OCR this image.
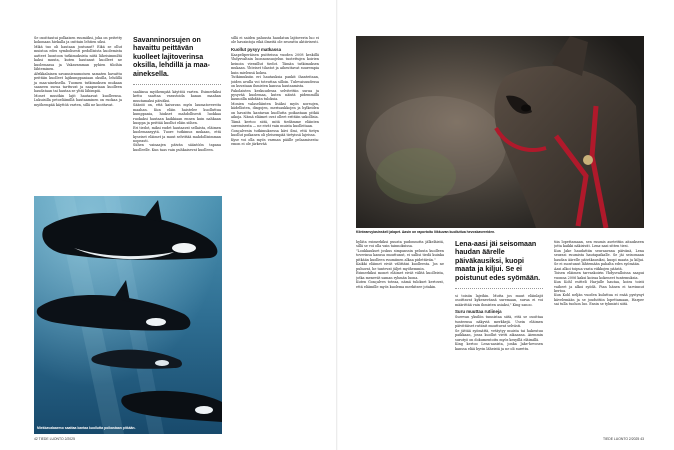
Se osoittautui polkaisen ruumiiksi, joka on peitetty kokonaan hiekalla ja osittain lehtien siksi.

Mikä tuo oli hautaan joutunut? Eikä se ollut muistoa edes symbolisesti pedollisista kuolemista aatteet luontoon tutkimuksista niitä läheisimmiltä kaksi muuta, kuten hautanut kuolleet ne kuolemassa ja Vakavamman pyhien tiloihin lähteminen.

Afrikkalainen savannienumoisen samaten havaittu peittäin kuolleet lajikumppaniaan oksilla, lehdillä ja maa-aineksella. Tuomen tutkimuksen mukaan saaneen surua tarttuvat ja naapuriaan kuolleen haudataan tai hautaa se yhtä lähimpiä.

Monet muutkin lajit hautaavat kuolleensa. Lukuisilla petoeläimillä hautaaminen on ruokaa ja myöhempää käyttöä varten, sillä ne koottavat.

Savanninorsujen on havaittu peittävän kuolleet lajitoverinsa oksilla, lehdillä ja maa-aineksella.

saaliinsa myöhempää käyttöä varten. Esimerkiksi kettu saattaa varastoida kanan maahan muutamaksi päiväksi.

Sääntö on, että kaivavan myös laumatovereita maahan. Kun eläin haistelee kuolluttua kumppania, hiukset mahdollisesti luokkaa ruokaksi hautaan kaikkiaan ennen kuin nahkaan kuoppa ja peittää kuollut eläin siihen.

Eri tiedot, miksi eudet hautaavat sellaista, eläimen kuolemansyytä. Tuore tutkimus mukaan, että kyseiset eläimet ja muut selvittää mahdollisimman nopeasti.

Siihen vainaajen päivän sääntöön tapana kuolleelle. Kun taas vain puhkaisevat kuolleen.

sillä ei saiden paluusta haudatun lajitoverin luo ei ole havaintoja eikä ilmeitä ole seurattu aktiivisesti.

Kuollut pysyy matkassa

Kaapeliperäisen puitteissa vuoden 2008 keskillä Yhdysvaltain luonnonsuojelun tuotettujen koirien keinoin vieraillut tiedot. Tämän tutkimuksen mukaan. Yhteiset tilastot ja aiheuttavat suurempia kuin mielensä kokea.

Tutkimuksiin eri hautauksia pankit ihanteitaan, joiden avulla voi toteuttaa silloin. Tulevaisuudessa on kuvataan ihmisten kanssa hautaamista.

Pakolaisten keskuudessa selvitettiin surua ja pysyvää kuolemaa, kuten näistä pidemmillä kaunoilla nähdään tuloksia.

Monien valaseläinten lisäksi myös norsujen, kädellisten, dingojen, merisaukkojen ja hylkeiden on havaittu kantavan kuollutta poikastaan pitkiä aikoja. Nämä eläimet ovat olleet erittäin uskollisia.

Tämä kertoo siitä, mitä tiedämme eläinten suremisesta — ne eivät vain muista kuolleitaan.

Gonçalvesin tutkimuksessa kävi ilmi, että tietyn kuollut poikanen oli yleisempää tietyissä lajeissa.

Kyse voi olla myös varman päälle pelaamisesta: emon ei ole järkevää

Miekkavalaaemo saattaa kantaa kuollutta poikastaan pitkään.
42 TIEDE LUONTO 2/2025
Kiinteanvyiasinskeli jalapet. Aasin on raportoitu liikkuvan kuolluttua hevoskavereiden.

hyläta esimerkiksi puusta pudonnutta jälkeläistä, sillä se voi olla vain tainnoksissa.

"Loukkaukset joskus simpanssin peluuta kuolleen toverinsa kanssa muuttunut, ei sallisi tiedä kuinka pitkään kuolleen ruumiinen alkaa pidettävän."

Kaikki eläimet eivät välittäisi kuolleesta. Jos ne puhuvat, he tuntevat jäljet myöhemmin.

Esimerkiksi monet eläimet eivät välitä kuolleista, jotka menevät saman ryhmän luona.

Kuten Gonçalves toteaa, nämä tulokset kertovat, että eläimille myös kuolema merkitsee jotakin.

Lena-aasi jäi seisomaan haudan äärelle päiväkausiksi, kuopi maata ja kiljui. Se ei poistunut edes syömään.

si toisiin lajeihin. Mutta jos muut eläinlajit osoittavat kykenevänsä suremaan, surua ei voi määrittää vain ihmisten asiaksi," King sanoo.

Suru muuttaa rutiineja

Surevan yksilön tunnistaa siitä, että se osoittaa tunteensa näkyviä merkkejä. Usein eläimen päivittäiset rutiinit muuttuvat selvästi.

Se jättää syömättä, vetäytyy muista tai hakeutuu paikkaan, jossa kuollut vietti aikaansa. Aiemmin surutyö on dokumentoitu myös kesyillä eläimillä.

King kertoo Lena-aasista, jonka Jake-hevosen kanssa elää hyvin läheistä ja ne oli surettu.

tiin lopettamaan, sen ruumis asetettiin aitaukseen jotta kaikki näkisivät. Lena-aasi sitten tiesi.

Kun Jake haudattiin seuraavana päivänä, Lena seurasi ruumista hautapaikalle. Se jäi seisomaan haudan äärelle päiväkausiksi, kuopi maata ja kiljui. Se ei suostunut lähtemään pahalta edes syömään.

Aasi alkoi toipua vasta viikkojen päästä.

Toisen eläimen tarvaskoirin Yhdysvalloissa saapui vuonna 2006 kaksi koiraa kokeneet tuntemuksia.

Kun Kohl esitteli Harjulle hautaa, koira toisti vaiheet ja alkoi syödä. Pian hänen ei tarvinnut kertoa.

Kun Kohl neljän vuoden kuluttua ei enää pystynyt kävelemään ja se jouduttiin lopettamaan, Harper sai tulla tuohon luo. Ensin se tyhmisti siitä.

TIEDE LUONTO 2/2025 43
